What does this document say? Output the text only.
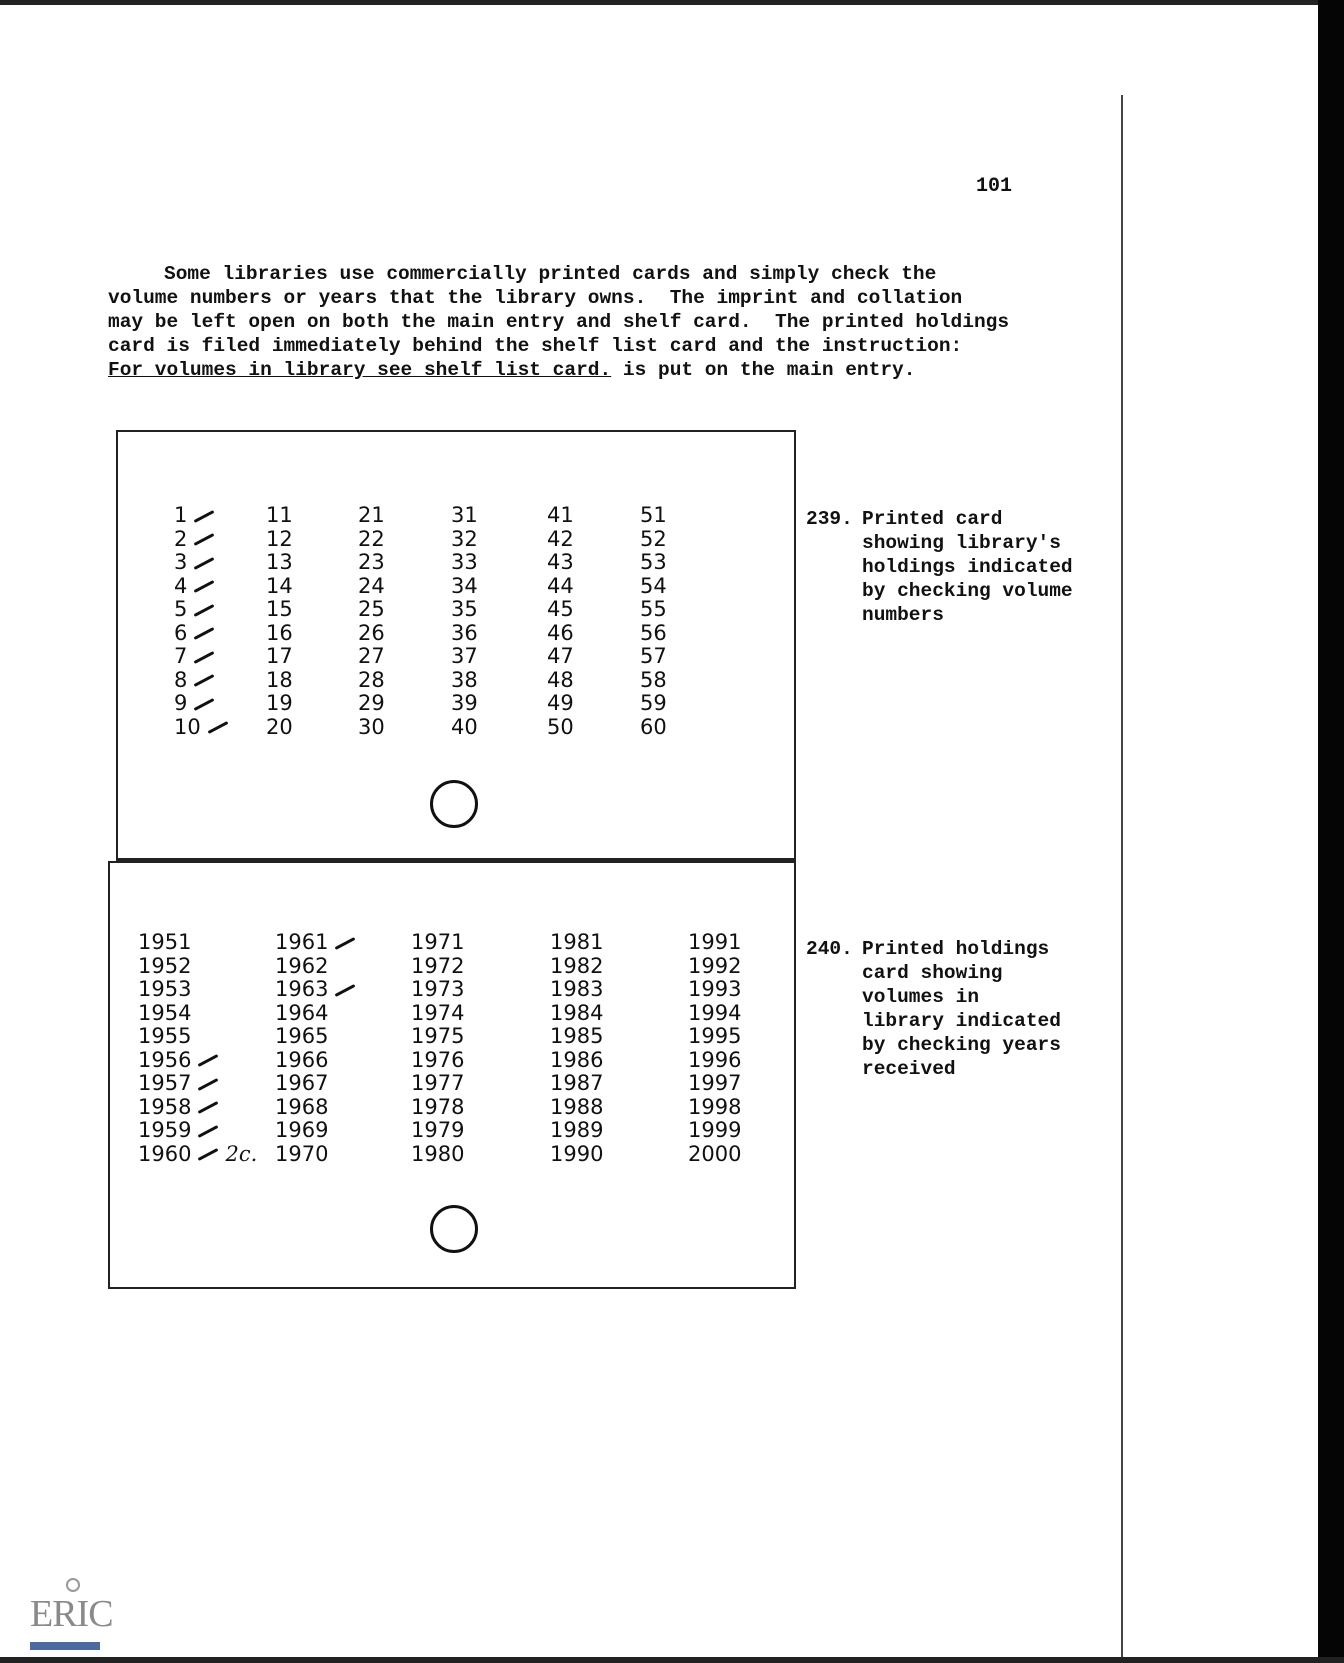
101

Some libraries use commercially printed cards and simply check the

volume numbers or years that the library owns.  The imprint and collation

may be left open on both the main entry and shelf card.  The printed holdings

card is filed immediately behind the shelf list card and the instruction:

For volumes in library see shelf list card. is put on the main entry.

1
2
3
4
5
6
7
8
9
10
11
12
13
14
15
16
17
18
19
20
21
22
23
24
25
26
27
28
29
30
31
32
33
34
35
36
37
38
39
40
41
42
43
44
45
46
47
48
49
50
51
52
53
54
55
56
57
58
59
60
1951
1952
1953
1954
1955
1956
1957
1958
1959
1960 2c.
1961
1962
1963
1964
1965
1966
1967
1968
1969
1970
1971
1972
1973
1974
1975
1976
1977
1978
1979
1980
1981
1982
1983
1984
1985
1986
1987
1988
1989
1990
1991
1992
1993
1994
1995
1996
1997
1998
1999
2000
239. Printed card
showing library's
holdings indicated
by checking volume
numbers
240. Printed holdings
card showing
volumes in
library indicated
by checking years
received
ERIC
